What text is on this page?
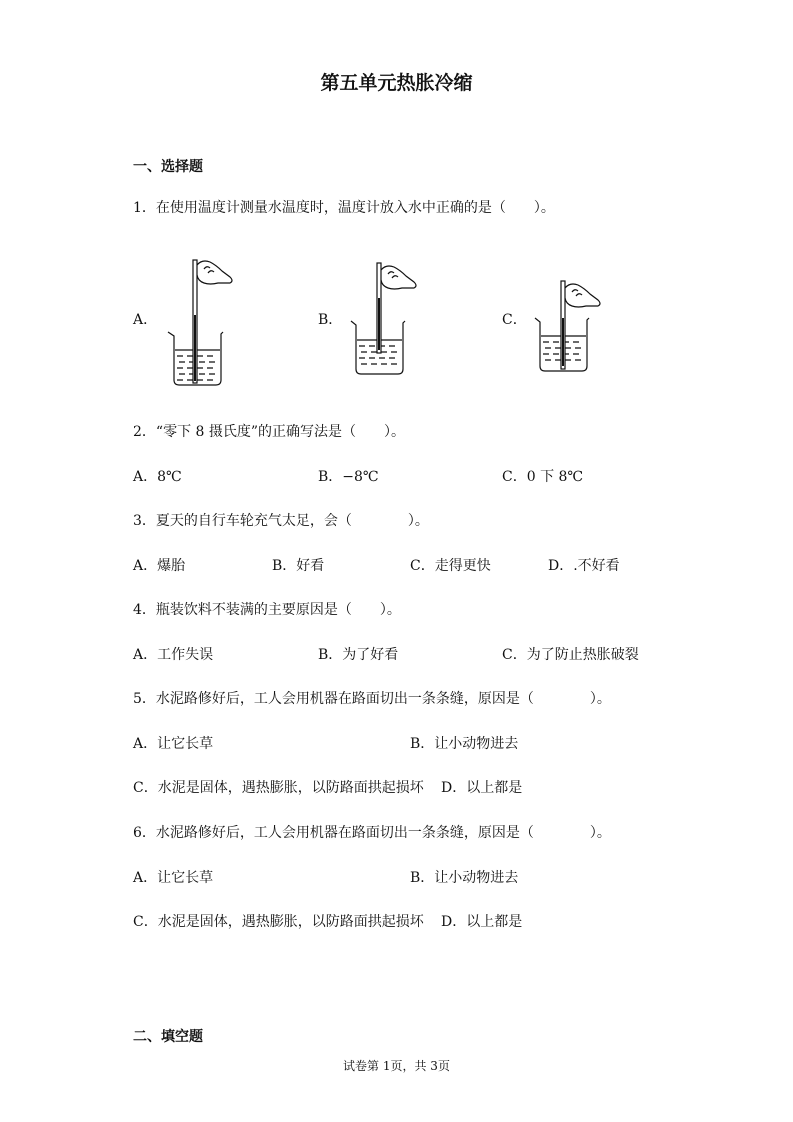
第五单元热胀冷缩
一、选择题
1．在使用温度计测量水温度时，温度计放入水中正确的是（　　）。
A．	B．	C．
2．“零下 8 摄氏度”的正确写法是（　　）。
A．8℃	B．−8℃	C．0 下 8℃
3．夏天的自行车轮充气太足，会（　　　　）。
A．爆胎	B．好看	C．走得更快	D．.不好看
4．瓶装饮料不装满的主要原因是（　　）。
A．工作失误	B．为了好看	C．为了防止热胀破裂
5．水泥路修好后，工人会用机器在路面切出一条条缝，原因是（　　　　）。
A．让它长草	B．让小动物进去
C．水泥是固体，遇热膨胀，以防路面拱起损坏 D．以上都是
6．水泥路修好后，工人会用机器在路面切出一条条缝，原因是（　　　　）。
A．让它长草	B．让小动物进去
C．水泥是固体，遇热膨胀，以防路面拱起损坏 D．以上都是
二、填空题
试卷第 1页，共 3页
